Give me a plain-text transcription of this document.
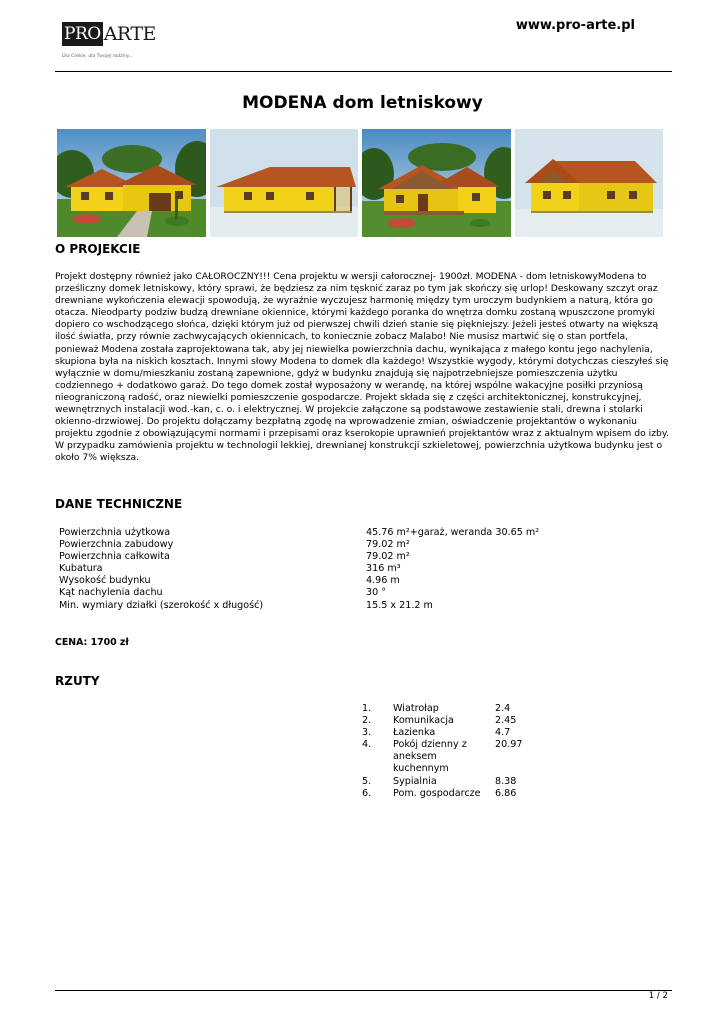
PRO ARTE
Dla Ciebie, dla Twojej rodziny...
www.pro-arte.pl
MODENA dom letniskowy
O PROJEKCIE

Projekt dostępny również jako CAŁOROCZNY!!! Cena projektu w wersji całorocznej- 1900zł. MODENA - dom letniskowyModena to prześliczny domek letniskowy, który sprawi, że będziesz za nim tęsknić zaraz po tym jak skończy się urlop! Deskowany szczyt oraz drewniane wykończenia elewacji spowodują, że wyraźnie wyczujesz harmonię między tym uroczym budynkiem a naturą, która go otacza. Nieodparty podziw budzą drewniane okiennice, którymi każdego poranka do wnętrza domku zostaną wpuszczone promyki dopiero co wschodzącego słońca, dzięki którym już od pierwszej chwili dzień stanie się piękniejszy. Jeżeli jesteś otwarty na większą ilość światła, przy równie zachwycających okiennicach, to koniecznie zobacz Malabo! Nie musisz martwić się o stan portfela, ponieważ Modena została zaprojektowana tak, aby jej niewielka powierzchnia dachu, wynikająca z małego kontu jego nachylenia, skupiona była na niskich kosztach. Innymi słowy Modena to domek dla każdego! Wszystkie wygody, którymi dotychczas cieszyłeś się wyłącznie w domu/mieszkaniu zostaną zapewnione, gdyż w budynku znajdują się najpotrzebniejsze pomieszczenia użytku codziennego + dodatkowo garaż. Do tego domek został wyposażony w werandę, na której wspólne wakacyjne posiłki przyniosą nieograniczoną radość, oraz niewielki pomieszczenie gospodarcze. Projekt składa się z części architektonicznej, konstrukcyjnej, wewnętrznych instalacji wod.-kan, c. o. i elektrycznej. W projekcie załączone są podstawowe zestawienie stali, drewna i stolarki okienno-drzwiowej. Do projektu dołączamy bezpłatną zgodę na wprowadzenie zmian, oświadczenie projektantów o wykonaniu projektu zgodnie z obowiązującymi normami i przepisami oraz kserokopie uprawnień projektantów wraz z aktualnym wpisem do izby. W przypadku zamówienia projektu w technologii lekkiej, drewnianej konstrukcji szkieletowej, powierzchnia użytkowa budynku jest o około 7% większa.

DANE TECHNICZNE
Powierzchnia użytkowa	45.76 m²+garaż, weranda 30.65 m²
Powierzchnia zabudowy	79.02 m²
Powierzchnia całkowita	79.02 m²
Kubatura	316 m³
Wysokość budynku	4.96 m
Kąt nachylenia dachu	30 °
Min. wymiary działki (szerokość x długość)	15.5 x 21.2 m
CENA: 1700 zł
RZUTY
1.	Wiatrołap	2.4
2.	Komunikacja	2.45
3.	Łazienka	4.7
4.	Pokój dzienny z aneksem kuchennym	20.97
5.	Sypialnia	8.38
6.	Pom. gospodarcze	6.86
1 / 2
